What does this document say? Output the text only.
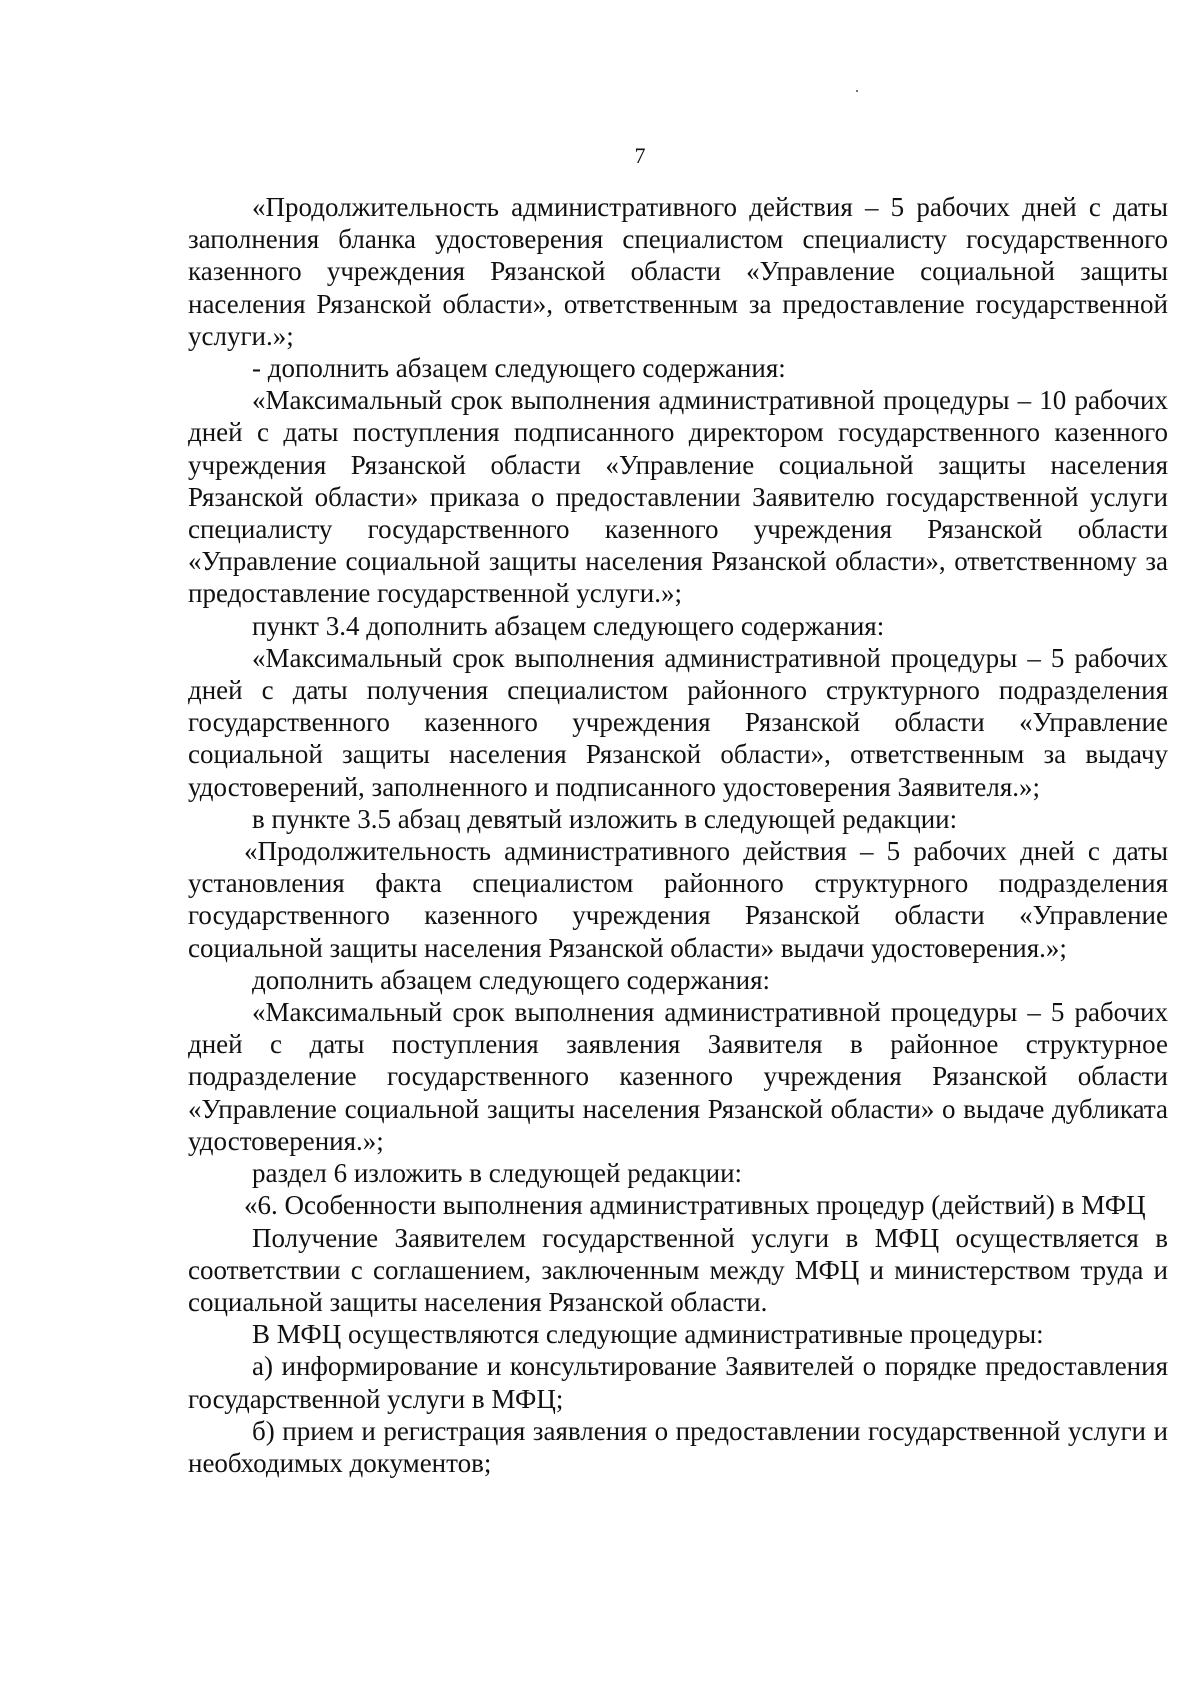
7

«Продолжительность административного действия – 5 рабочих дней с даты заполнения бланка удостоверения специалистом специалисту государственного казенного учреждения Рязанской области «Управление социальной защиты населения Рязанской области», ответственным за предоставление государственной услуги.»;

- дополнить абзацем следующего содержания:

«Максимальный срок выполнения административной процедуры – 10 рабочих дней с даты поступления подписанного директором государственного казенного учреждения Рязанской области «Управление социальной защиты населения Рязанской области» приказа о предоставлении Заявителю государственной услуги специалисту государственного казенного учреждения Рязанской области «Управление социальной защиты населения Рязанской области», ответственному за предоставление государственной услуги.»;

пункт 3.4 дополнить абзацем следующего содержания:

«Максимальный срок выполнения административной процедуры – 5 рабочих дней с даты получения специалистом районного структурного подразделения государственного казенного учреждения Рязанской области «Управление социальной защиты населения Рязанской области», ответственным за выдачу удостоверений, заполненного и подписанного удостоверения Заявителя.»;

в пункте 3.5 абзац девятый изложить в следующей редакции:

«Продолжительность административного действия – 5 рабочих дней с даты установления факта специалистом районного структурного подразделения государственного казенного учреждения Рязанской области «Управление социальной защиты населения Рязанской области» выдачи удостоверения.»;

дополнить абзацем следующего содержания:

«Максимальный срок выполнения административной процедуры – 5 рабочих дней с даты поступления заявления Заявителя в районное структурное подразделение государственного казенного учреждения Рязанской области «Управление социальной защиты населения Рязанской области» о выдаче дубликата удостоверения.»;

раздел 6 изложить в следующей редакции:

«6. Особенности выполнения административных процедур (действий) в МФЦ

Получение Заявителем государственной услуги в МФЦ осуществляется в соответствии с соглашением, заключенным между МФЦ и министерством труда и социальной защиты населения Рязанской области.

В МФЦ осуществляются следующие административные процедуры:

а) информирование и консультирование Заявителей о порядке предоставления государственной услуги в МФЦ;

б) прием и регистрация заявления о предоставлении государственной услуги и необходимых документов;
